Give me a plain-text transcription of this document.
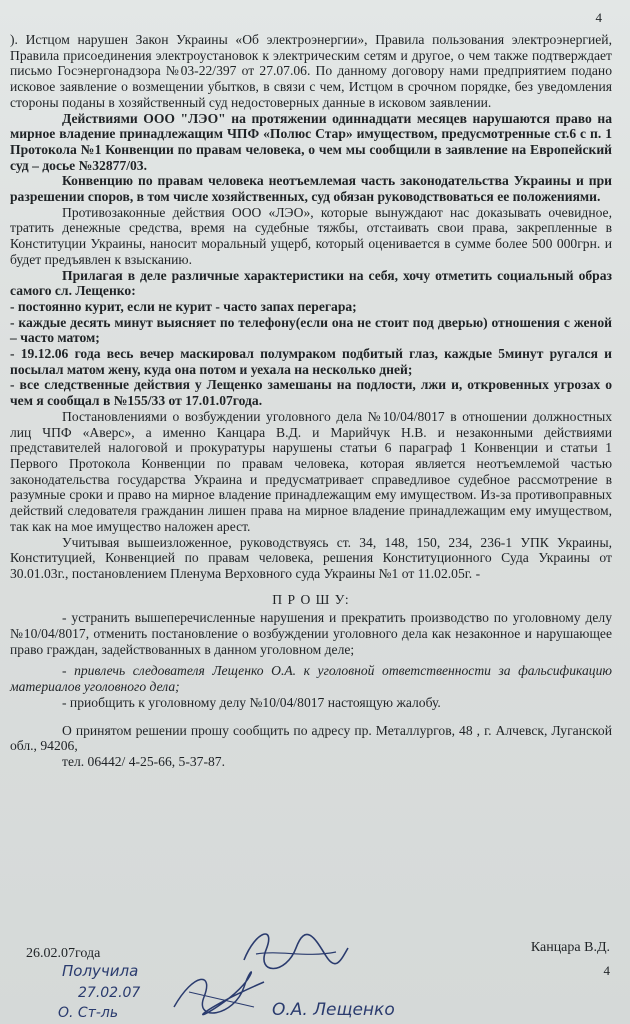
4

). Истцом нарушен Закон Украины «Об электроэнергии», Правила пользования электроэнергией, Правила присоединения электроустановок к электрическим сетям и другое, о чем также подтверждает письмо Госэнергонадзора №03-22/397 от 27.07.06. По данному договору нами предприятием подано исковое заявление о возмещении убытков, в связи с чем, Истцом в срочном порядке, без уведомления стороны поданы в хозяйственный суд недостоверных данные в исковом заявлении.

Действиями ООО "ЛЭО" на протяжении одиннадцати месяцев нарушаются право на мирное владение принадлежащим ЧПФ «Полюс Стар» имуществом, предусмотренные ст.6 с п. 1 Протокола №1 Конвенции по правам человека, о чем мы сообщили в заявление на Европейский суд – досье №32877/03.

Конвенцию по правам человека неотъемлемая часть законодательства Украины и при разрешении споров, в том числе хозяйственных, суд обязан руководствоваться ее положениями.

Противозаконные действия ООО «ЛЭО», которые вынуждают нас доказывать очевидное, тратить денежные средства, время на судебные тяжбы, отстаивать свои права, закрепленные в Конституции Украины, наносит моральный ущерб, который оценивается в сумме более 500 000грн. и будет предъявлен к взысканию.

Прилагая в деле различные характеристики на себя, хочу отметить социальный образ самого сл. Лещенко:

- постоянно курит, если не курит - часто запах перегара;

- каждые десять минут выясняет по телефону(если она не стоит под дверью) отношения с женой – часто матом;

- 19.12.06 года весь вечер маскировал полумраком подбитый глаз, каждые 5минут ругался и посылал матом жену, куда она потом и уехала на несколько дней;

- все следственные действия у Лещенко замешаны на подлости, лжи и, откровенных угрозах о чем я сообщал в №155/33 от 17.01.07года.

Постановлениями о возбуждении уголовного дела №10/04/8017 в отношении должностных лиц ЧПФ «Аверс», а именно Канцара В.Д. и Марийчук Н.В. и незаконными действиями представителей налоговой и прокуратуры нарушены статьи 6 параграф 1 Конвенции и статьи 1 Первого Протокола Конвенции по правам человека, которая является неотъемлемой частью законодательства государства Украина и предусматривает справедливое судебное рассмотрение в разумные сроки и право на мирное владение принадлежащим ему имуществом. Из-за противоправных действий следователя гражданин лишен права на мирное владение принадлежащим ему имуществом, так как на мое имущество наложен арест.

Учитывая вышеизложенное, руководствуясь ст. 34, 148, 150, 234, 236-1 УПК Украины, Конституцией, Конвенцией по правам человека, решения Конституционного Суда Украины от 30.01.03г., постановлением Пленума Верховного суда Украины №1 от 11.02.05г. -

П Р О Ш У:

- устранить вышеперечисленные нарушения и прекратить производство по уголовному делу №10/04/8017, отменить постановление о возбуждении уголовного дела как незаконное и нарушающее право граждан, задействованных в данном уголовном деле;

- привлечь следователя Лещенко О.А. к уголовной ответственности за фальсификацию материалов уголовного дела;

- приобщить к уголовному делу №10/04/8017 настоящую жалобу.

О принятом решении прошу сообщить по адресу пр. Металлургов, 48 , г. Алчевск, Луганской обл., 94206,

тел. 06442/ 4-25-66, 5-37-87.

26.02.07года	Канцара В.Д.
4
Получила
27.02.07
О. Ст-ль	О.А. Лещенко
